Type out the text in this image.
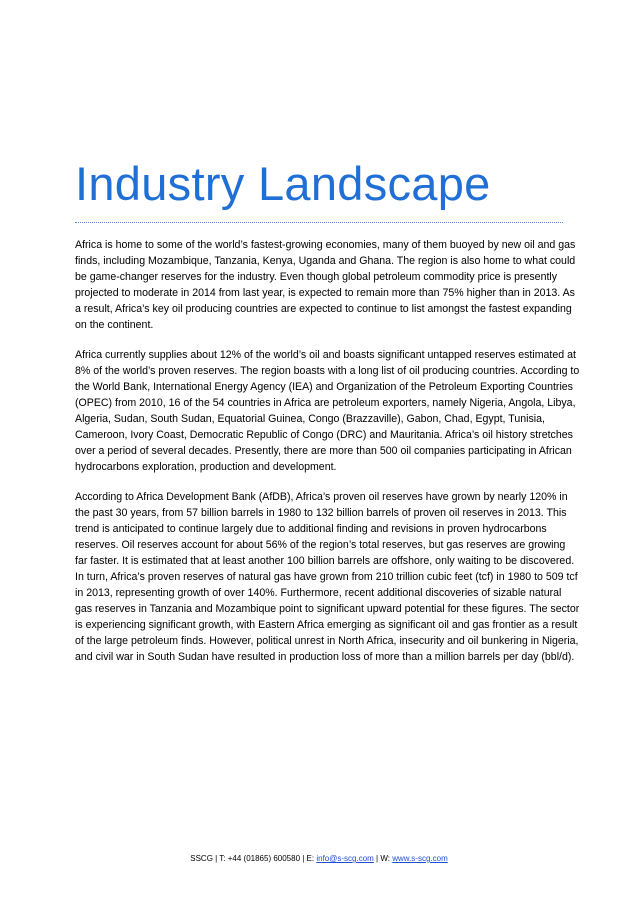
Industry Landscape

Africa is home to some of the world’s fastest-growing economies, many of them buoyed by new oil and gas finds, including Mozambique, Tanzania, Kenya, Uganda and Ghana. The region is also home to what could be game-changer reserves for the industry. Even though global petroleum commodity price is presently projected to moderate in 2014 from last year, is expected to remain more than 75% higher than in 2013. As a result, Africa’s key oil producing countries are expected to continue to list amongst the fastest expanding on the continent.

Africa currently supplies about 12% of the world’s oil and boasts significant untapped reserves estimated at 8% of the world’s proven reserves. The region boasts with a long list of oil producing countries. According to the World Bank, International Energy Agency (IEA) and Organization of the Petroleum Exporting Countries (OPEC) from 2010, 16 of the 54 countries in Africa are petroleum exporters, namely Nigeria, Angola, Libya, Algeria, Sudan, South Sudan, Equatorial Guinea, Congo (Brazzaville), Gabon, Chad, Egypt, Tunisia, Cameroon, Ivory Coast, Democratic Republic of Congo (DRC) and Mauritania. Africa’s oil history stretches over a period of several decades. Presently, there are more than 500 oil companies participating in African hydrocarbons exploration, production and development.

According to Africa Development Bank (AfDB), Africa’s proven oil reserves have grown by nearly 120% in the past 30 years, from 57 billion barrels in 1980 to 132 billion barrels of proven oil reserves in 2013. This trend is anticipated to continue largely due to additional finding and revisions in proven hydrocarbons reserves. Oil reserves account for about 56% of the region’s total reserves, but gas reserves are growing far faster. It is estimated that at least another 100 billion barrels are offshore, only waiting to be discovered. In turn, Africa’s proven reserves of natural gas have grown from 210 trillion cubic feet (tcf) in 1980 to 509 tcf in 2013, representing growth of over 140%. Furthermore, recent additional discoveries of sizable natural gas reserves in Tanzania and Mozambique point to significant upward potential for these figures. The sector is experiencing significant growth, with Eastern Africa emerging as significant oil and gas frontier as a result of the large petroleum finds. However, political unrest in North Africa, insecurity and oil bunkering in Nigeria, and civil war in South Sudan have resulted in production loss of more than a million barrels per day (bbl/d).

SSCG | T: +44 (01865) 600580 | E: info@s-scg.com | W: www.s-scg.com
